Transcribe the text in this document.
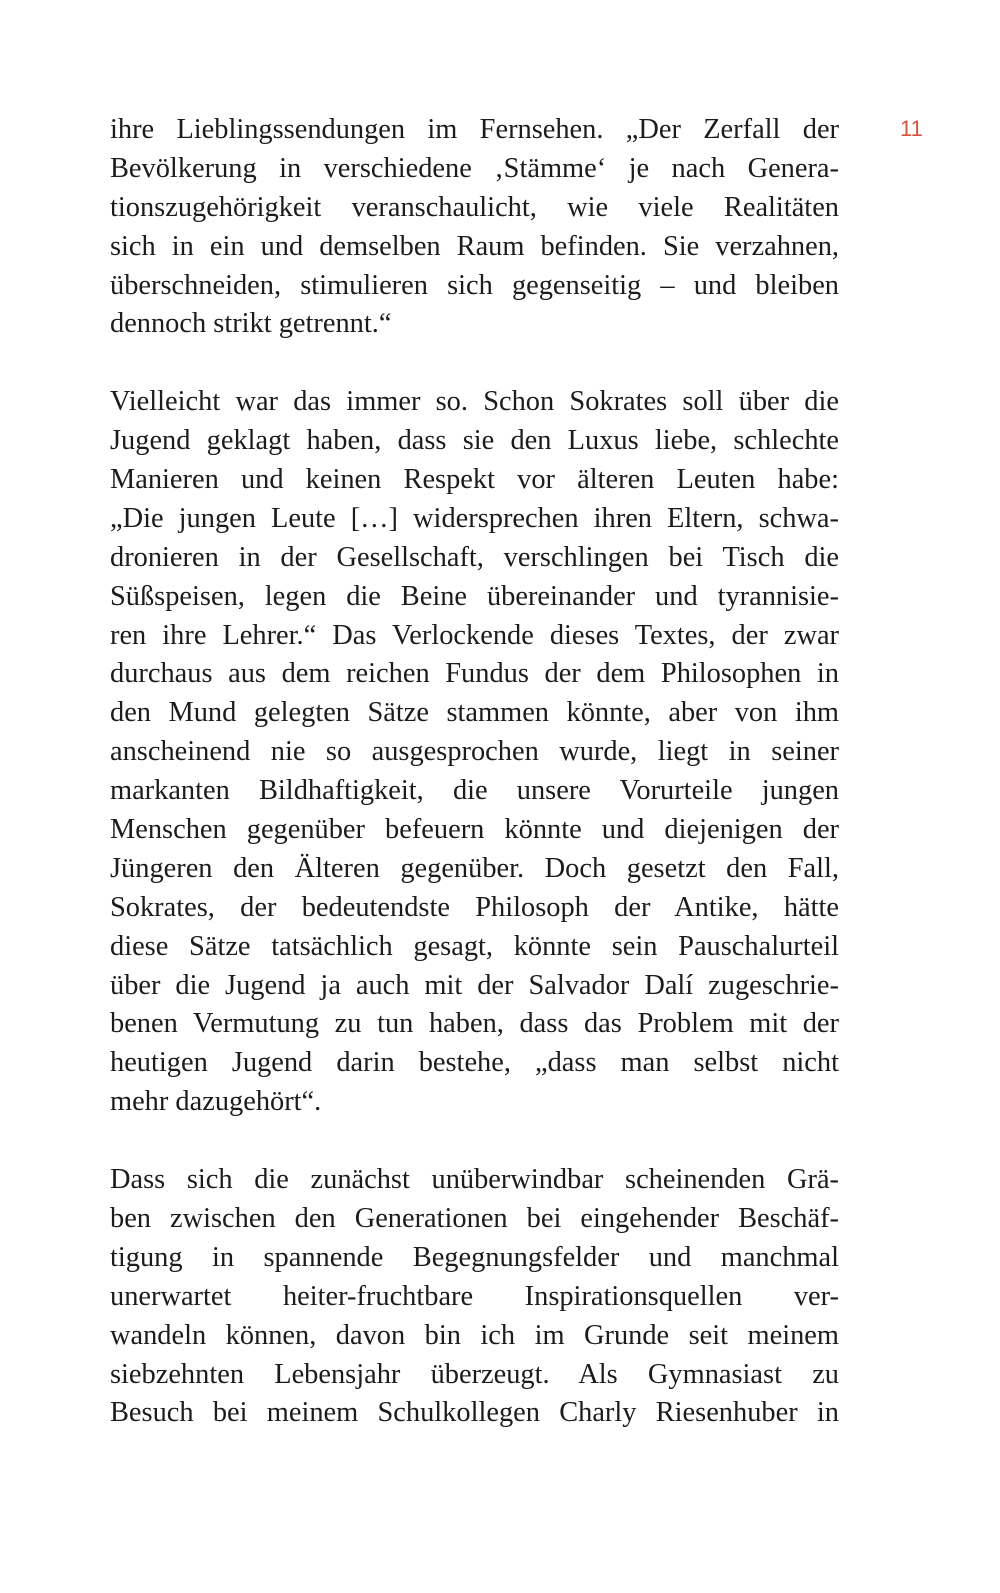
11

ihre Lieblingssendungen im Fernsehen. „Der Zerfall der
Bevölkerung in verschiedene ‚Stämme‘ je nach Genera-
tionszugehörigkeit veranschaulicht, wie viele Realitäten
sich in ein und demselben Raum befinden. Sie verzahnen,
überschneiden, stimulieren sich gegenseitig – und bleiben
dennoch strikt getrennt.“

Vielleicht war das immer so. Schon Sokrates soll über die
Jugend geklagt haben, dass sie den Luxus liebe, schlechte
Manieren und keinen Respekt vor älteren Leuten habe:
„Die jungen Leute […] widersprechen ihren Eltern, schwa-
dronieren in der Gesellschaft, verschlingen bei Tisch die
Süßspeisen, legen die Beine übereinander und tyrannisie-
ren ihre Lehrer.“ Das Verlockende dieses Textes, der zwar
durchaus aus dem reichen Fundus der dem Philosophen in
den Mund gelegten Sätze stammen könnte, aber von ihm
anscheinend nie so ausgesprochen wurde, liegt in seiner
markanten Bildhaftigkeit, die unsere Vorurteile jungen
Menschen gegenüber befeuern könnte und diejenigen der
Jüngeren den Älteren gegenüber. Doch gesetzt den Fall,
Sokrates, der bedeutendste Philosoph der Antike, hätte
diese Sätze tatsächlich gesagt, könnte sein Pauschalurteil
über die Jugend ja auch mit der Salvador Dalí zugeschrie-
benen Vermutung zu tun haben, dass das Problem mit der
heutigen Jugend darin bestehe, „dass man selbst nicht
mehr dazugehört“.

Dass sich die zunächst unüberwindbar scheinenden Grä-
ben zwischen den Generationen bei eingehender Beschäf-
tigung in spannende Begegnungsfelder und manchmal
unerwartet heiter-fruchtbare Inspirationsquellen ver-
wandeln können, davon bin ich im Grunde seit meinem
siebzehnten Lebensjahr überzeugt. Als Gymnasiast zu
Besuch bei meinem Schulkollegen Charly Riesenhuber in
